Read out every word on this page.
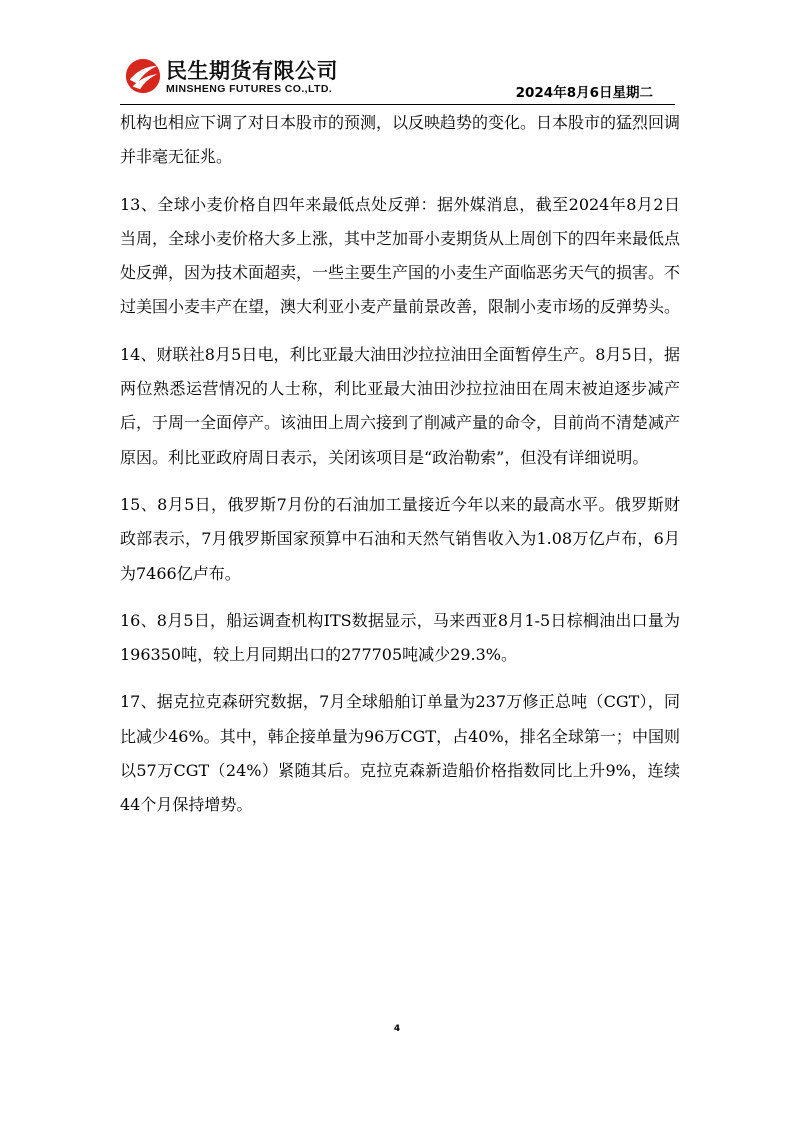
民生期货有限公司
MINSHENG FUTURES CO.,LTD.	2024年8月6日星期二

机构也相应下调了对日本股市的预测，以反映趋势的变化。日本股市的猛烈回调并非毫无征兆。

13、全球小麦价格自四年来最低点处反弹：据外媒消息，截至2024年8月2日当周，全球小麦价格大多上涨，其中芝加哥小麦期货从上周创下的四年来最低点处反弹，因为技术面超卖，一些主要生产国的小麦生产面临恶劣天气的损害。不过美国小麦丰产在望，澳大利亚小麦产量前景改善，限制小麦市场的反弹势头。

14、财联社8月5日电，利比亚最大油田沙拉拉油田全面暂停生产。8月5日，据两位熟悉运营情况的人士称，利比亚最大油田沙拉拉油田在周末被迫逐步减产后，于周一全面停产。该油田上周六接到了削减产量的命令，目前尚不清楚减产原因。利比亚政府周日表示，关闭该项目是“政治勒索”，但没有详细说明。

15、8月5日，俄罗斯7月份的石油加工量接近今年以来的最高水平。俄罗斯财政部表示，7月俄罗斯国家预算中石油和天然气销售收入为1.08万亿卢布，6月为7466亿卢布。

16、8月5日，船运调查机构ITS数据显示，马来西亚8月1-5日棕榈油出口量为196350吨，较上月同期出口的277705吨减少29.3%。

17、据克拉克森研究数据，7月全球船舶订单量为237万修正总吨（CGT），同比减少46%。其中，韩企接单量为96万CGT，占40%，排名全球第一；中国则以57万CGT（24%）紧随其后。克拉克森新造船价格指数同比上升9%，连续44个月保持增势。

4
